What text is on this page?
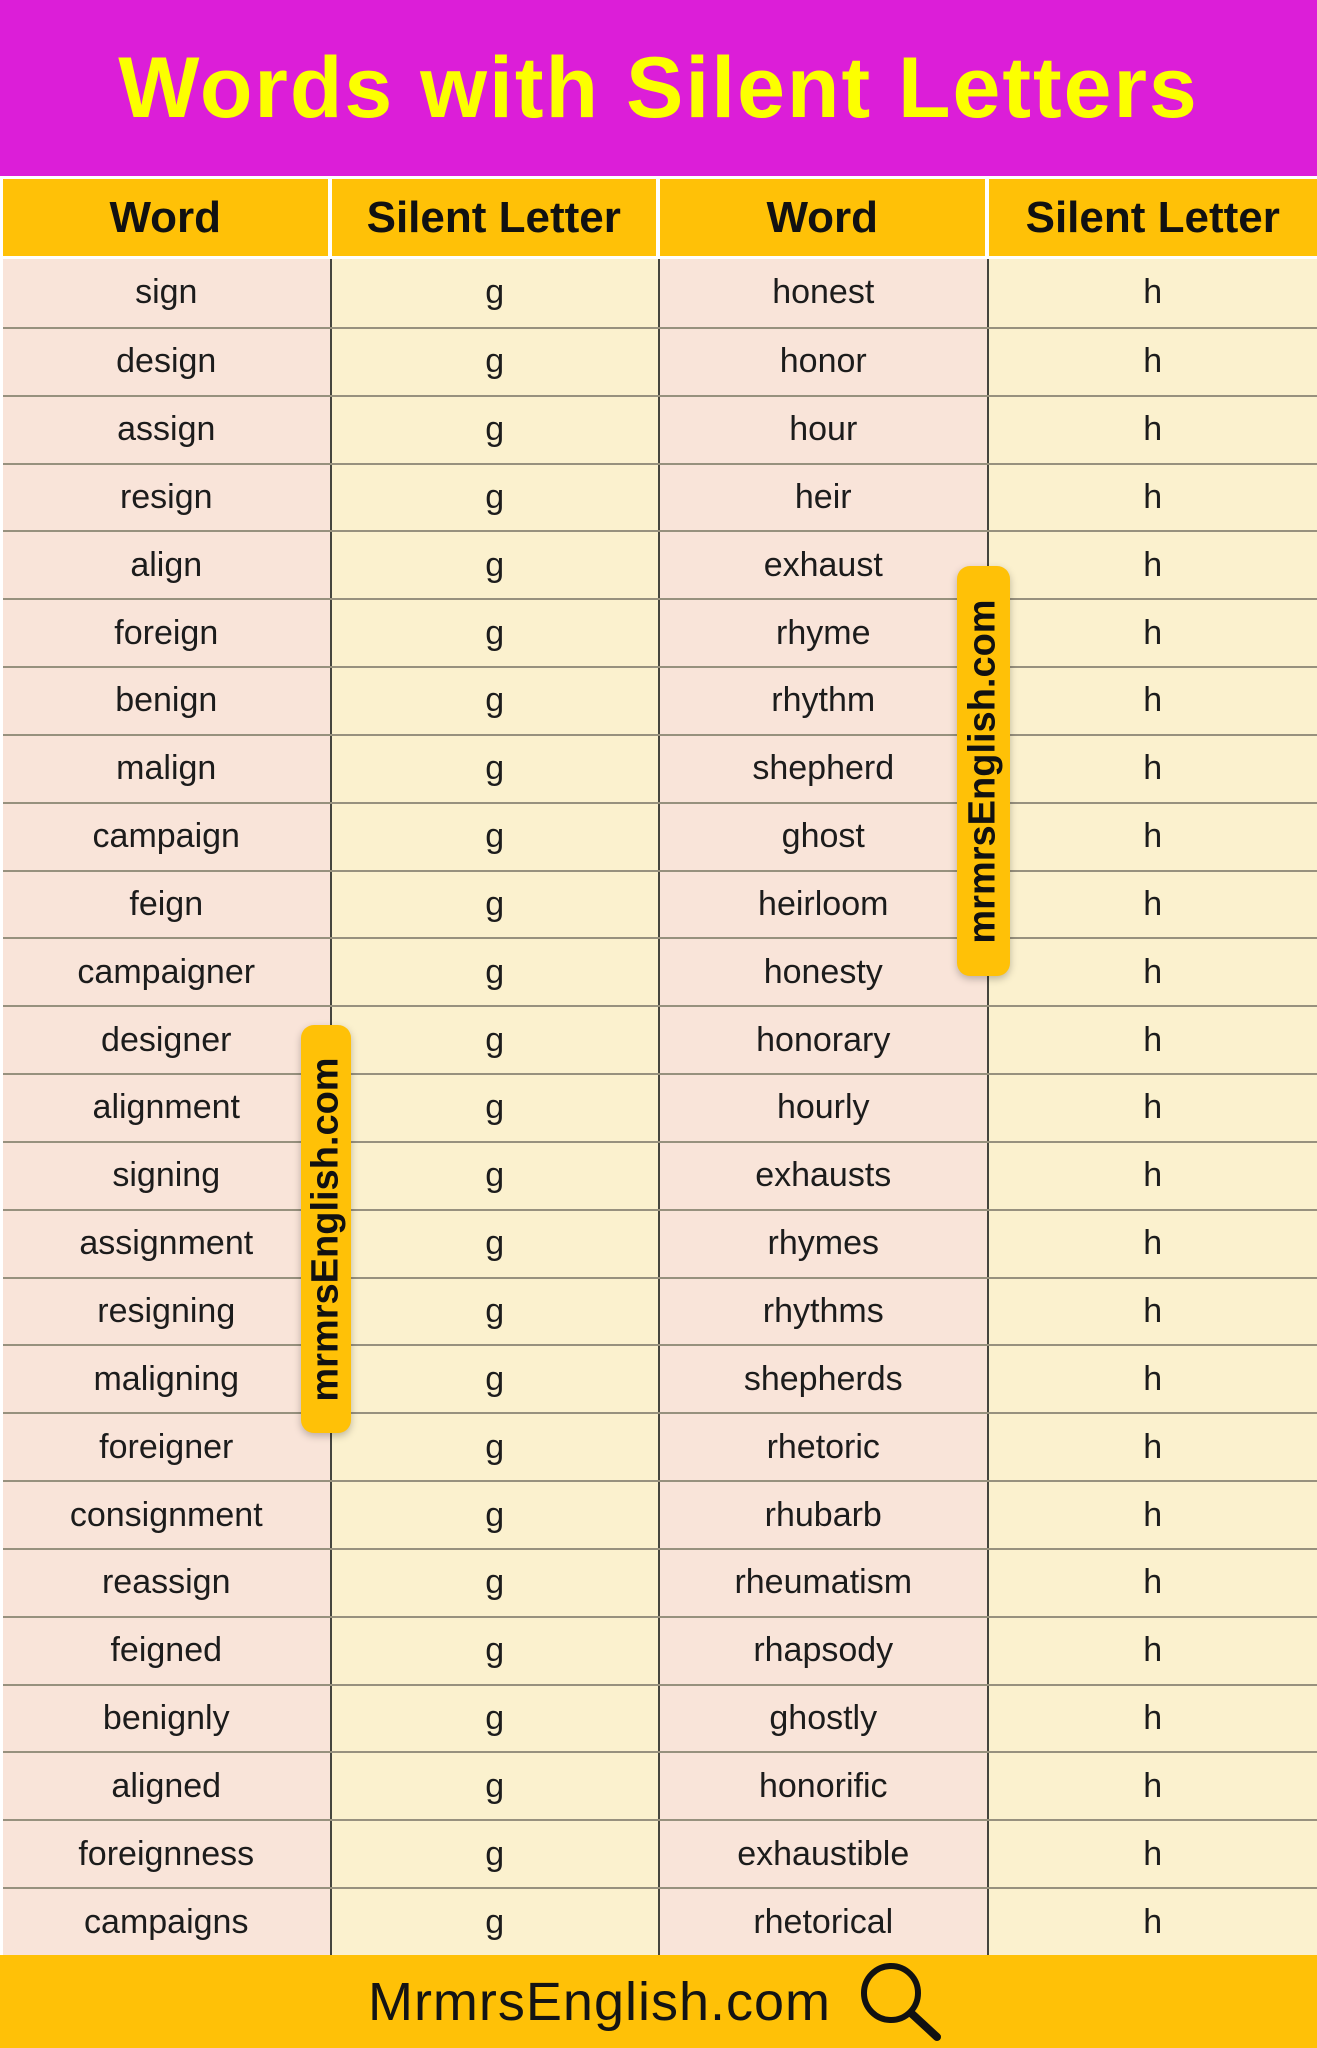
Words with Silent Letters
Word	Silent Letter	Word	Silent Letter
sign	g	honest	h
design	g	honor	h
assign	g	hour	h
resign	g	heir	h
align	g	exhaust	h
foreign	g	rhyme	h
benign	g	rhythm	h
malign	g	shepherd	h
campaign	g	ghost	h
feign	g	heirloom	h
campaigner	g	honesty	h
designer	g	honorary	h
alignment	g	hourly	h
signing	g	exhausts	h
assignment	g	rhymes	h
resigning	g	rhythms	h
maligning	g	shepherds	h
foreigner	g	rhetoric	h
consignment	g	rhubarb	h
reassign	g	rheumatism	h
feigned	g	rhapsody	h
benignly	g	ghostly	h
aligned	g	honorific	h
foreignness	g	exhaustible	h
campaigns	g	rhetorical	h
mrmrsEnglish.com
mrmrsEnglish.com
MrmrsEnglish.com
